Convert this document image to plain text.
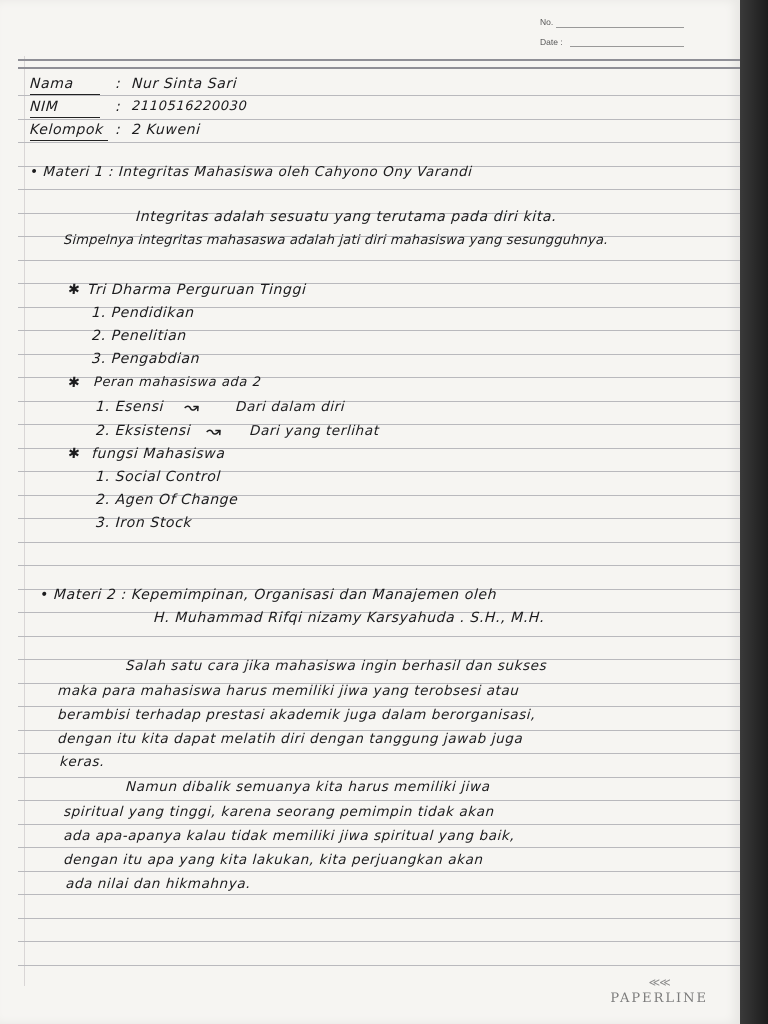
No.
Date :
Nama	: Nur Sinta Sari
NIM	: 2110516220030
Kelompok : 2 Kuweni
• Materi 1 : Integritas Mahasiswa oleh Cahyono Ony Varandi
Integritas adalah sesuatu yang terutama pada diri kita.
Simpelnya integritas mahasaswa adalah jati diri mahasiswa yang sesungguhnya.
✱ Tri Dharma Perguruan Tinggi
1. Pendidikan
2. Penelitian
3. Pengabdian
✱ Peran mahasiswa ada 2
1. Esensi ↝	Dari dalam diri
2. Eksistensi ↝ Dari yang terlihat
✱ fungsi Mahasiswa
1. Social Control
2. Agen Of Change
3. Iron Stock
• Materi 2 : Kepemimpinan, Organisasi dan Manajemen oleh
H. Muhammad Rifqi nizamy Karsyahuda . S.H., M.H.
Salah satu cara jika mahasiswa ingin berhasil dan sukses
maka para mahasiswa harus memiliki jiwa yang terobsesi atau
berambisi terhadap prestasi akademik juga dalam berorganisasi,
dengan itu kita dapat melatih diri dengan tanggung jawab juga
keras.
Namun dibalik semuanya kita harus memiliki jiwa
spiritual yang tinggi, karena seorang pemimpin tidak akan
ada apa-apanya kalau tidak memiliki jiwa spiritual yang baik,
dengan itu apa yang kita lakukan, kita perjuangkan akan
ada nilai dan hikmahnya.
≪≪
PAPERLINE
